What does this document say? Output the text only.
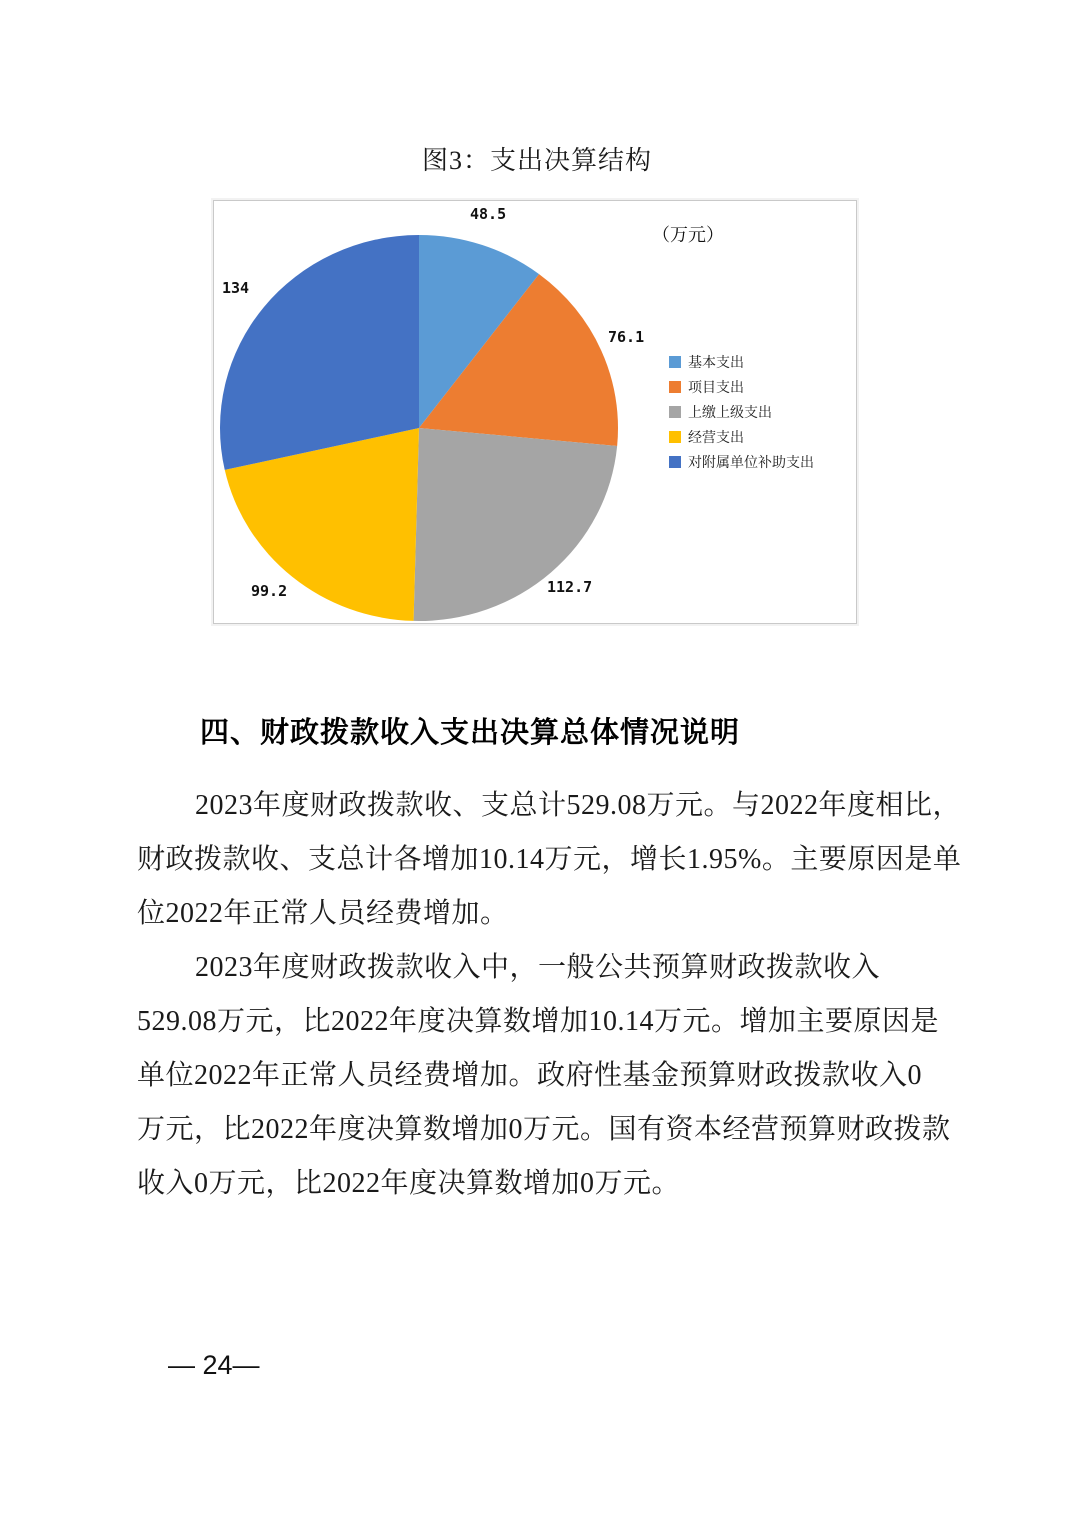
图3：支出决算结构
48.5
76.1
112.7
99.2
134
（万元）
基本支出
项目支出
上缴上级支出
经营支出
对附属单位补助支出
四、财政拨款收入支出决算总体情况说明
2023年度财政拨款收、支总计529.08万元。与2022年度相比，
财政拨款收、支总计各增加10.14万元，增长1.95%。主要原因是单
位2022年正常人员经费增加。
2023年度财政拨款收入中，一般公共预算财政拨款收入
529.08万元，比2022年度决算数增加10.14万元。增加主要原因是
单位2022年正常人员经费增加。政府性基金预算财政拨款收入0
万元，比2022年度决算数增加0万元。国有资本经营预算财政拨款
收入0万元，比2022年度决算数增加0万元。
— 24—
